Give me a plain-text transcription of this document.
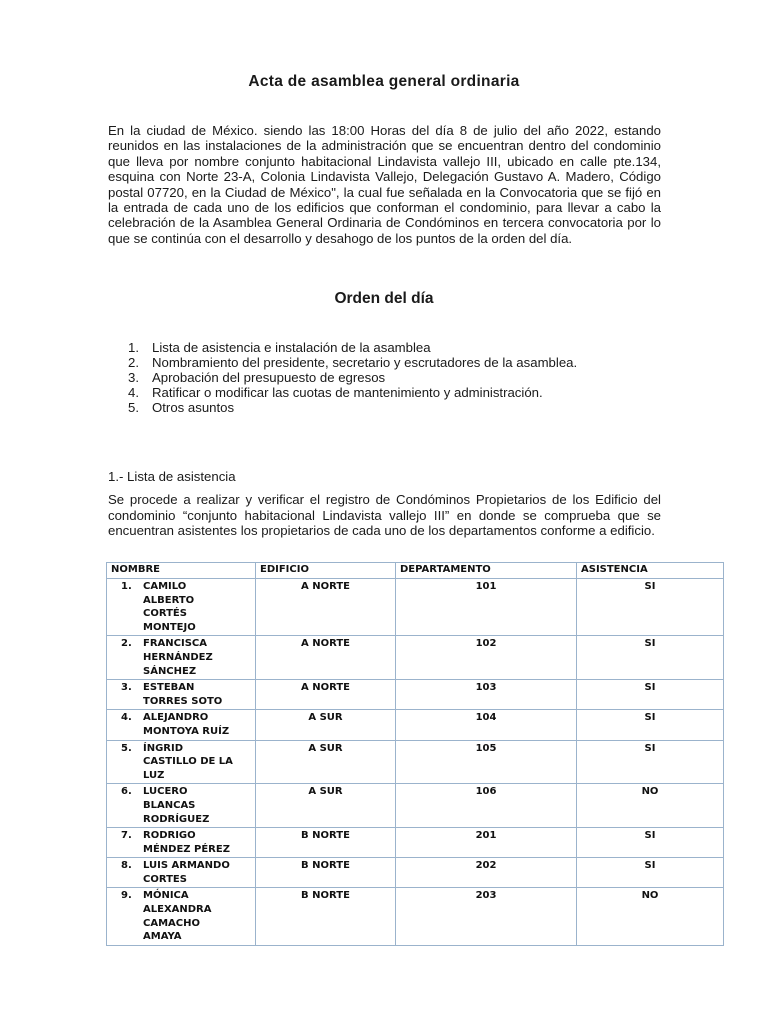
Acta de asamblea general ordinaria

En la ciudad de México. siendo las 18:00 Horas del día 8 de julio del año 2022, estando reunidos en las instalaciones de la administración que se encuentran dentro del condominio que lleva por nombre conjunto habitacional Lindavista vallejo III, ubicado en calle pte.134, esquina con Norte 23-A, Colonia Lindavista Vallejo, Delegación Gustavo A. Madero, Código postal 07720, en la Ciudad de México", la cual fue señalada en la Convocatoria que se fijó en la entrada de cada uno de los edificios que conforman el condominio, para llevar a cabo la celebración de la Asamblea General Ordinaria de Condóminos en tercera convocatoria por lo que se continúa con el desarrollo y desahogo de los puntos de la orden del día.

Orden del día
1. Lista de asistencia e instalación de la asamblea
2. Nombramiento del presidente, secretario y escrutadores de la asamblea.
3. Aprobación del presupuesto de egresos
4. Ratificar o modificar las cuotas de mantenimiento y administración.
5. Otros asuntos
1.- Lista de asistencia

Se procede a realizar y verificar el registro de Condóminos Propietarios de los Edificio del condominio “conjunto habitacional Lindavista vallejo III” en donde se comprueba que se encuentran asistentes los propietarios de cada uno de los departamentos conforme a edificio.

NOMBRE	EDIFICIO	DEPARTAMENTO	ASISTENCIA

1. CAMILO ALBERTO CORTÉS MONTEJO	A NORTE	101	SI

2. FRANCISCA HERNÁNDEZ SÁNCHEZ	A NORTE	102	SI

3. ESTEBAN TORRES SOTO	A NORTE	103	SI

4. ALEJANDRO MONTOYA RUÍZ	A SUR	104	SI

5. ÍNGRID CASTILLO DE LA LUZ	A SUR	105	SI

6. LUCERO BLANCAS RODRÍGUEZ	A SUR	106	NO

7. RODRIGO MÉNDEZ PÉREZ	B NORTE	201	SI

8. LUIS ARMANDO CORTES	B NORTE	202	SI

9. MÓNICA ALEXANDRA CAMACHO AMAYA	B NORTE	203	NO
